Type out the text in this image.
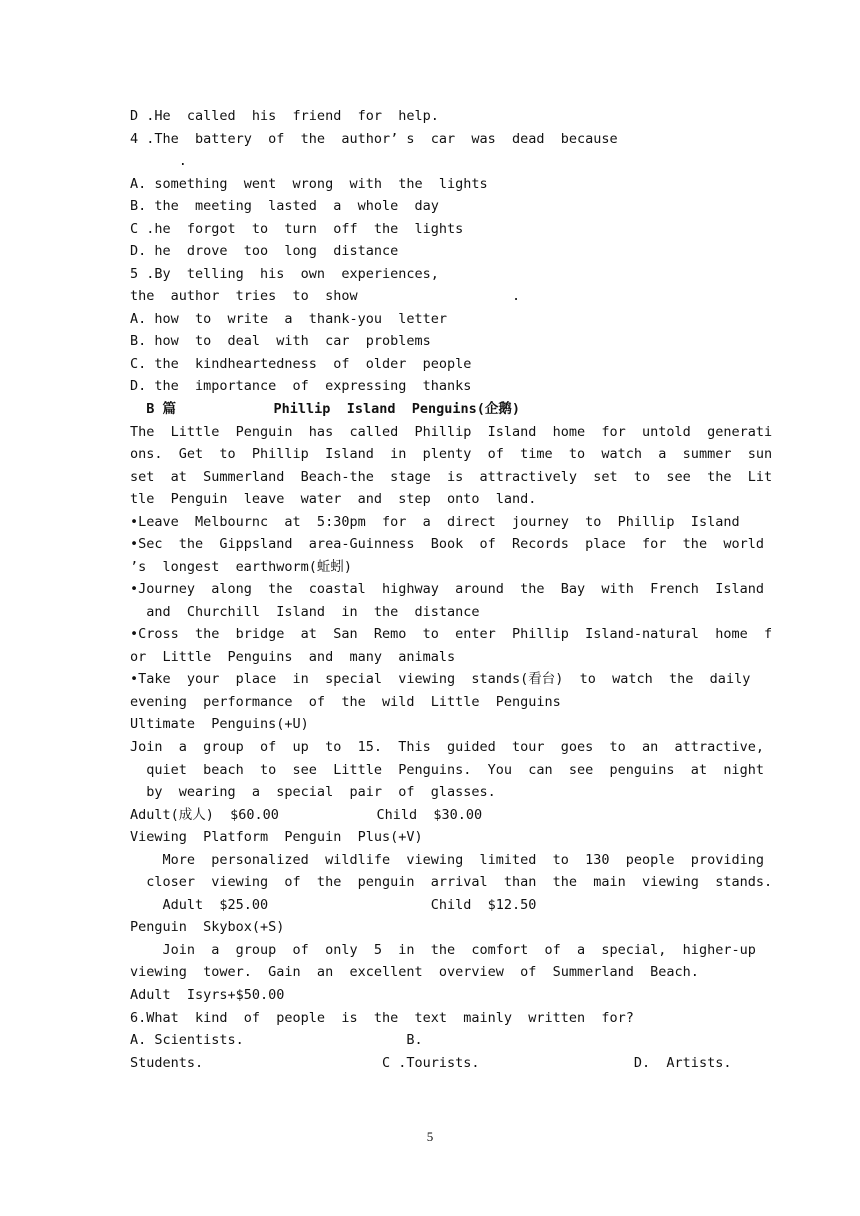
D .He  called  his  friend  for  help.
4 .The  battery  of  the  author’ s  car  was  dead  because
.
A. something  went  wrong  with  the  lights
B. the  meeting  lasted  a  whole  day
C .he  forgot  to  turn  off  the  lights
D. he  drove  too  long  distance
5 .By  telling  his  own  experiences,
the  author  tries  to  show                   .
A. how  to  write  a  thank-you  letter
B. how  to  deal  with  car  problems
C. the  kindheartedness  of  older  people
D. the  importance  of  expressing  thanks
B 篇            Phillip  Island  Penguins(企鹅)
The  Little  Penguin  has  called  Phillip  Island  home  for  untold  generati
ons.  Get  to  Phillip  Island  in  plenty  of  time  to  watch  a  summer  sun
set  at  Summerland  Beach-the  stage  is  attractively  set  to  see  the  Lit
tle  Penguin  leave  water  and  step  onto  land.
•Leave  Melbournc  at  5:30pm  for  a  direct  journey  to  Phillip  Island
•Sec  the  Gippsland  area-Guinness  Book  of  Records  place  for  the  world
’s  longest  earthworm(蚯蚓)
•Journey  along  the  coastal  highway  around  the  Bay  with  French  Island
and  Churchill  Island  in  the  distance
•Cross  the  bridge  at  San  Remo  to  enter  Phillip  Island-natural  home  f
or  Little  Penguins  and  many  animals
•Take  your  place  in  special  viewing  stands(看台)  to  watch  the  daily
evening  performance  of  the  wild  Little  Penguins
Ultimate  Penguins(+U)
Join  a  group  of  up  to  15.  This  guided  tour  goes  to  an  attractive,
quiet  beach  to  see  Little  Penguins.  You  can  see  penguins  at  night
by  wearing  a  special  pair  of  glasses.
Adult(成人)  $60.00            Child  $30.00
Viewing  Platform  Penguin  Plus(+V)
More  personalized  wildlife  viewing  limited  to  130  people  providing
closer  viewing  of  the  penguin  arrival  than  the  main  viewing  stands.
Adult  $25.00                    Child  $12.50
Penguin  Skybox(+S)
Join  a  group  of  only  5  in  the  comfort  of  a  special,  higher-up
viewing  tower.  Gain  an  excellent  overview  of  Summerland  Beach.
Adult  Isyrs+$50.00
6.What  kind  of  people  is  the  text  mainly  written  for?
A. Scientists.                    B.
Students.                      C .Tourists.                   D.  Artists.
5
